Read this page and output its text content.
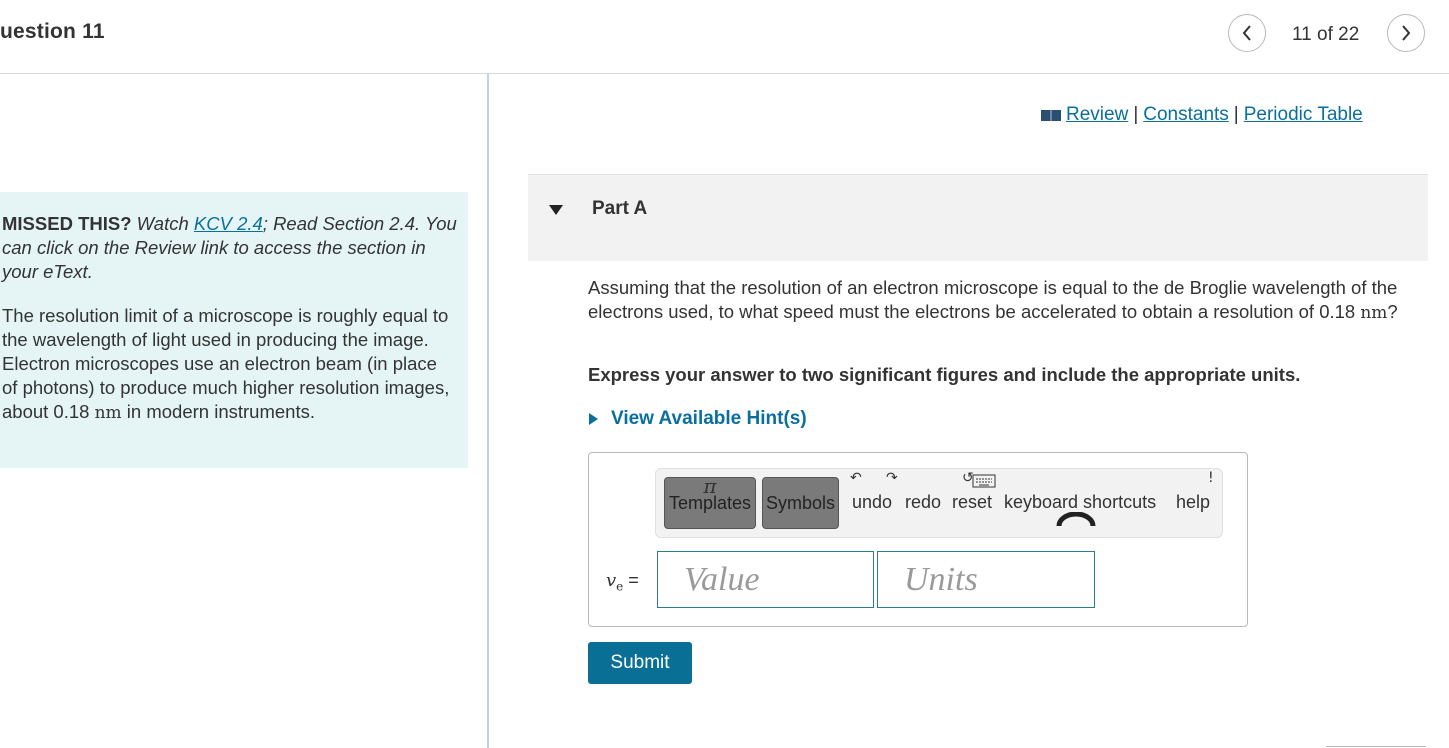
uestion 11	11 of 22
MISSED THIS? Watch KCV 2.4; Read Section 2.4. You can click on the Review link to access the section in your eText.
The resolution limit of a microscope is roughly equal to the wavelength of light used in producing the image. Electron microscopes use an electron beam (in place of photons) to produce much higher resolution images, about 0.18 nm in modern instruments.
Review | Constants | Periodic Table
Part A
Assuming that the resolution of an electron microscope is equal to the de Broglie wavelength of the electrons used, to what speed must the electrons be accelerated to obtain a resolution of 0.18 nm?
Express your answer to two significant figures and include the appropriate units.
View Available Hint(s)
π
Templates Symbols
↶
undo
↷
redo
↺
reset keyboard shortcuts
!
help
$v_e$ = Value	Units
Submit
